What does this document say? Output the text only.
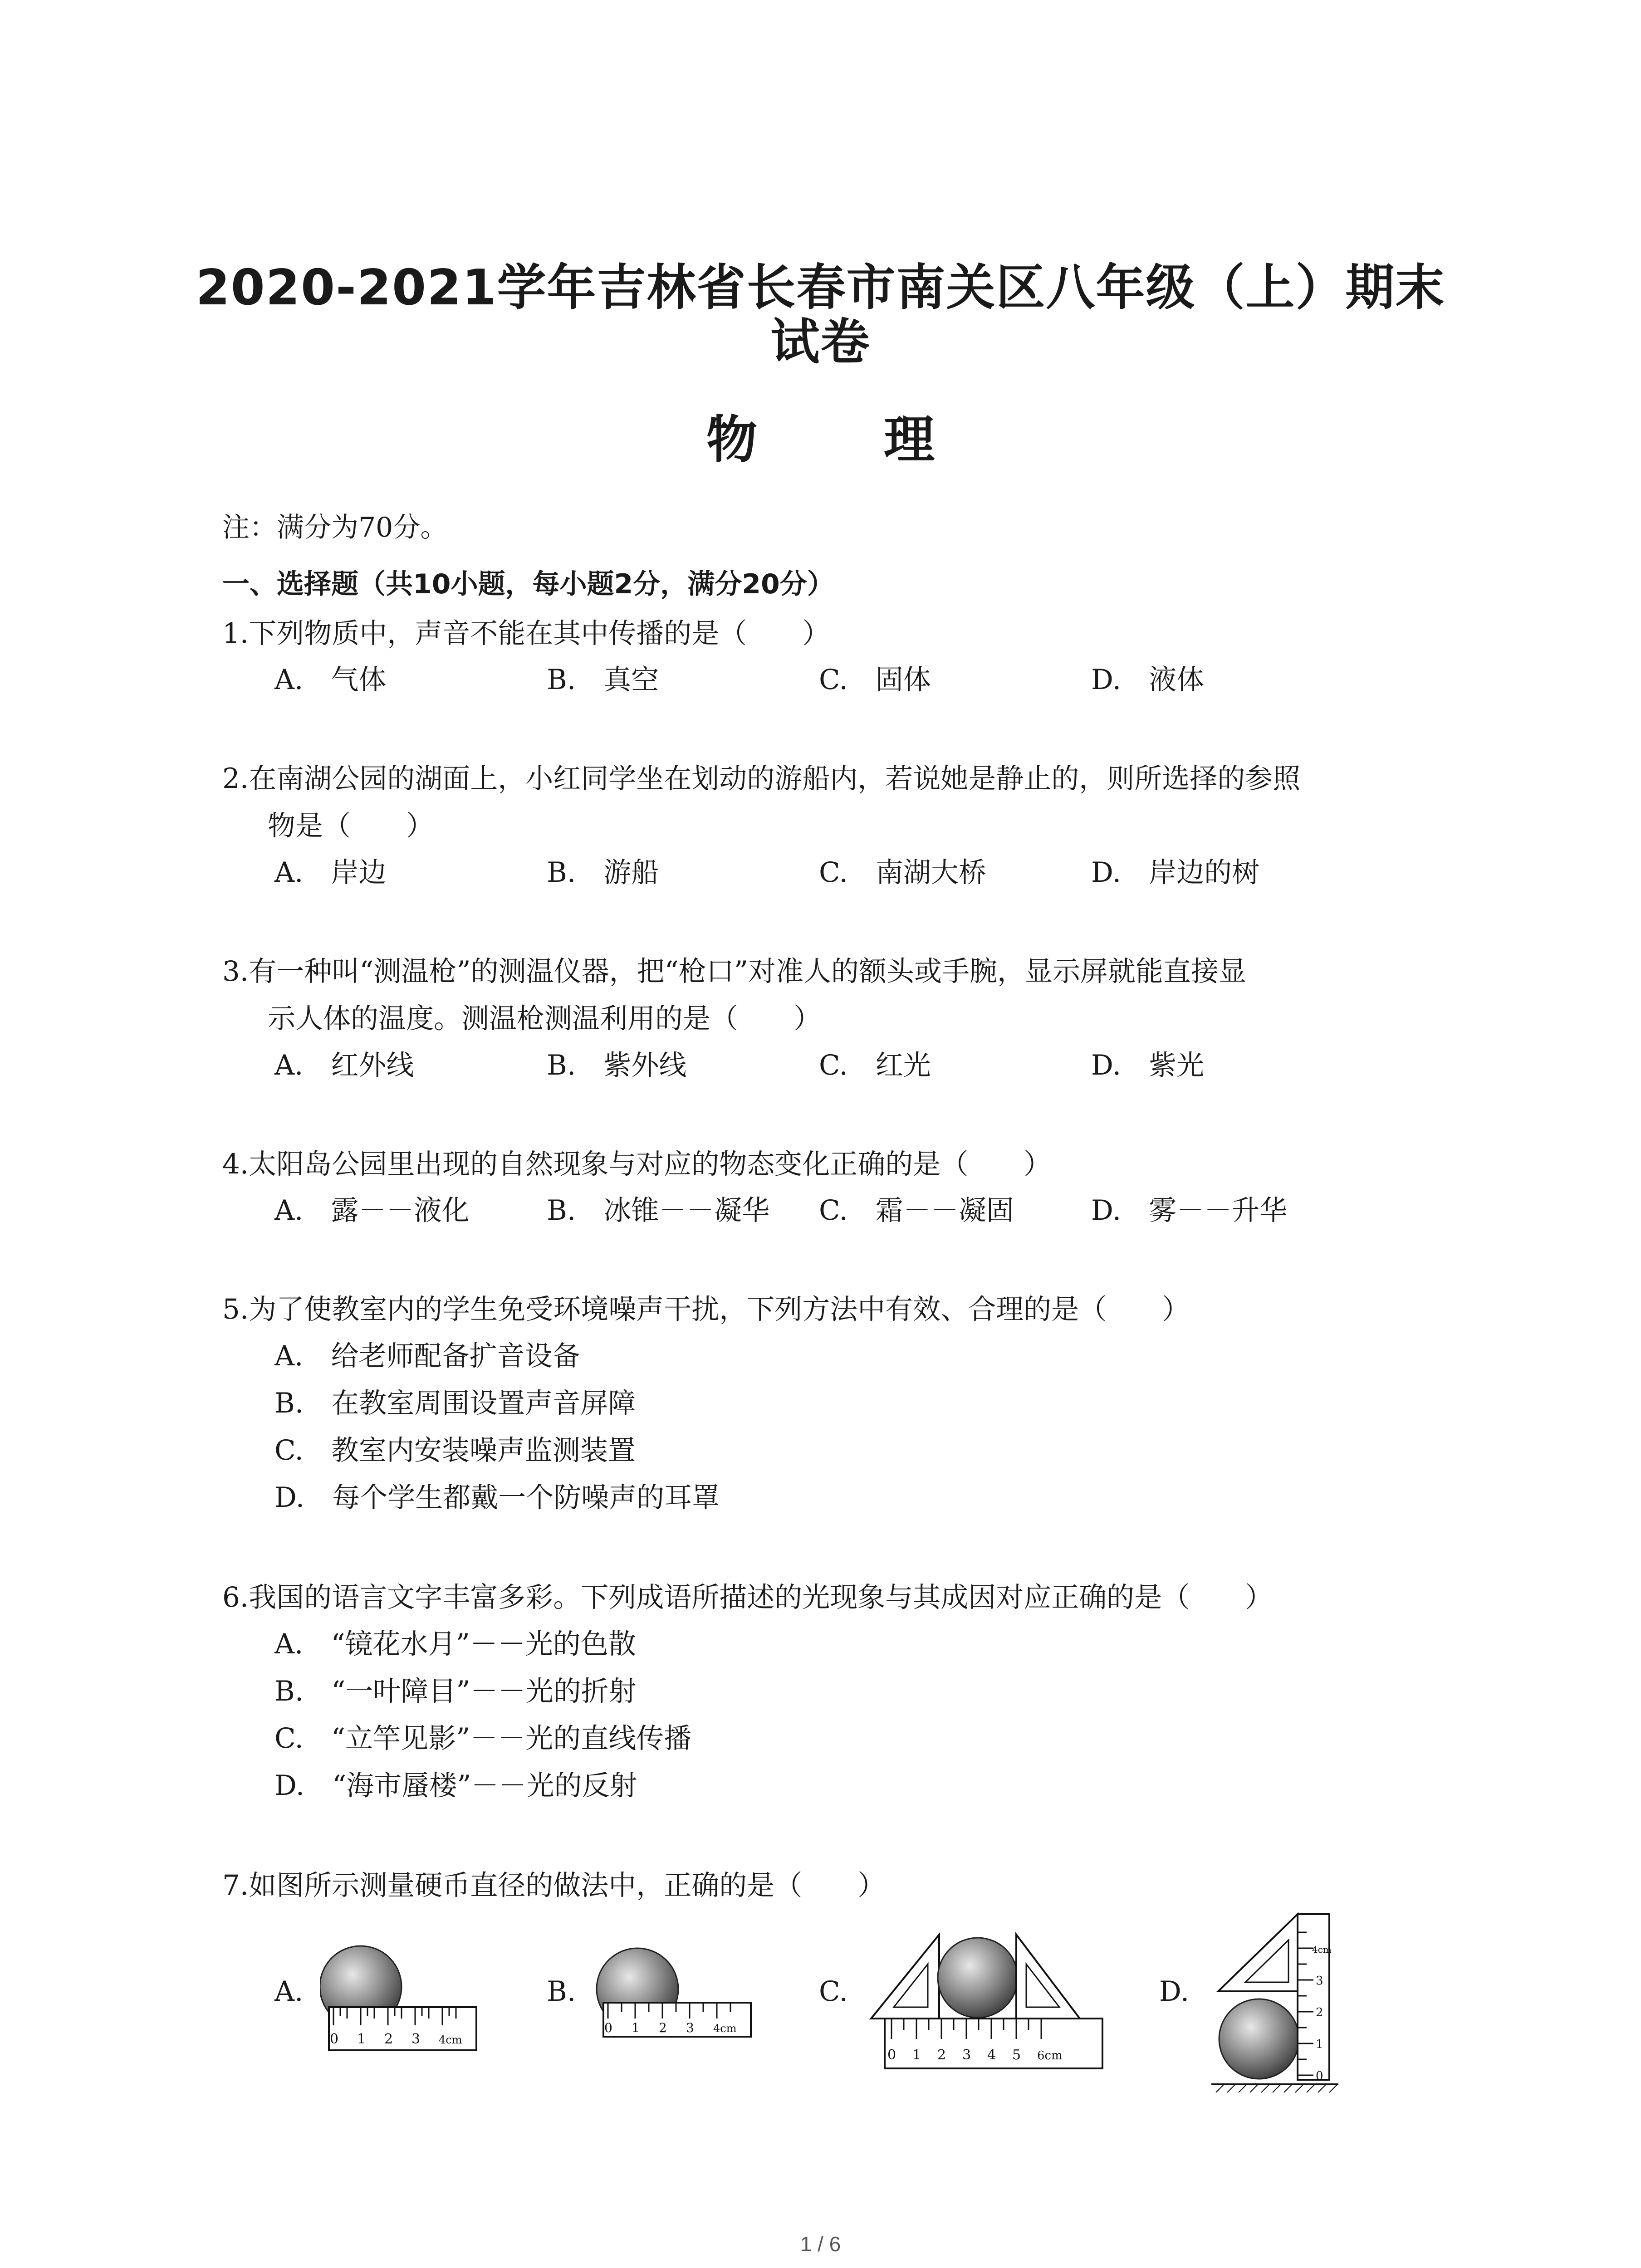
2020-2021学年吉林省长春市南关区八年级（上）期末
试卷
物 理
注：满分为70分。
一、选择题（共10小题，每小题2分，满分20分）
1.下列物质中，声音不能在其中传播的是（　　）
A.　气体	B.　真空	C.　固体	D.　液体
2.在南湖公园的湖面上，小红同学坐在划动的游船内，若说她是静止的，则所选择的参照
物是（　　）
A.　岸边	B.　游船	C.　南湖大桥	D.　岸边的树
3.有一种叫“测温枪”的测温仪器，把“枪口”对准人的额头或手腕，显示屏就能直接显
示人体的温度。测温枪测温利用的是（　　）
A.　红外线	B.　紫外线	C.　红光	D.　紫光
4.太阳岛公园里出现的自然现象与对应的物态变化正确的是（　　）
A.　露－－液化	B.　冰锥－－凝华 C.　霜－－凝固	D.　雾－－升华
5.为了使教室内的学生免受环境噪声干扰，下列方法中有效、合理的是（　　）
A.　给老师配备扩音设备
B.　在教室周围设置声音屏障
C.　教室内安装噪声监测装置
D.　每个学生都戴一个防噪声的耳罩
6.我国的语言文字丰富多彩。下列成语所描述的光现象与其成因对应正确的是（　　）
A.　“镜花水月”－－光的色散
B.　“一叶障目”－－光的折射
C.　“立竿见影”－－光的直线传播
D.　“海市蜃楼”－－光的反射
7.如图所示测量硬币直径的做法中，正确的是（　　）
A.	B.	C.	D.
0 1 2 3 4cm
0 1 2 3 4cm
0 1 2 3 4 5 6cm
0
1
2
3
4cm
1 / 6
